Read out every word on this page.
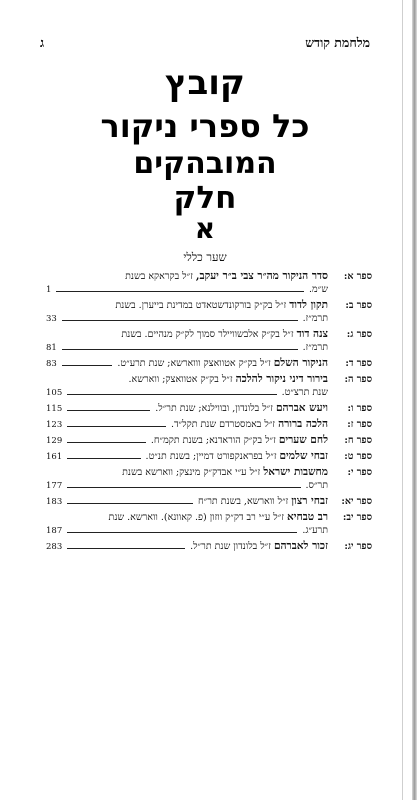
מלחמת קודש
ג
קובץ
כל ספרי ניקור
המובהקים
חלק
א
שער כללי
ספר א:
סדר הניקור מה״ר צבי ב״ר יעקב, ז״ל בקראקא בשנת
ש״מ.
1
ספר ב:
תקון לדוד ז״ל בק״ק בורקונדשטאדט במדינת בייערן. בשנת
תרמ״ז.
33
ספר ג:
צנה דוד ז״ל בק״ק אלבשוויילר סמוך לק״ק מנהיים. בשנת
תרמ״ז.
81
ספר ד:
הניקור השלם ז״ל בק״ק אטוואצק וווארשא; שנת תרע״ט.
83
ספר ה:
בירור דיני ניקור להלכה ז״ל בק״ק אטוואצק; ווארשא.
שנת תרצ״ט.
105
ספר ו:
ויעש אברהם ז״ל בלונדון, ובווילנא; שנת תר״ל.
115
ספר ז:
הלכה ברורה ז״ל באמסטרדם שנת תקל״ד.
123
ספר ח:
לחם שערים ז״ל בק״ק הוראדנא; בשנת תקמ״ח.
129
ספר ט:
זבחי שלמים ז״ל בפראנקפורט דמיין; בשנת תנ״ט.
161
ספר י:
מחשבות ישראל ז״ל ע״י אבדק״ק מינצק; ווארשא בשנת
תר״ס.
177
ספר יא:
זבחי רצון ז״ל ווארשא, בשנת תר״ח
183
ספר יב:
רב טבחיא ז״ל ע״י רב דק״ק ווזון (פ. קאוונא). ווארשא. שנת
תרע״ג.
187
ספר יג:
זכור לאברהם ז״ל בלונדון שנת תר״ל.
283
